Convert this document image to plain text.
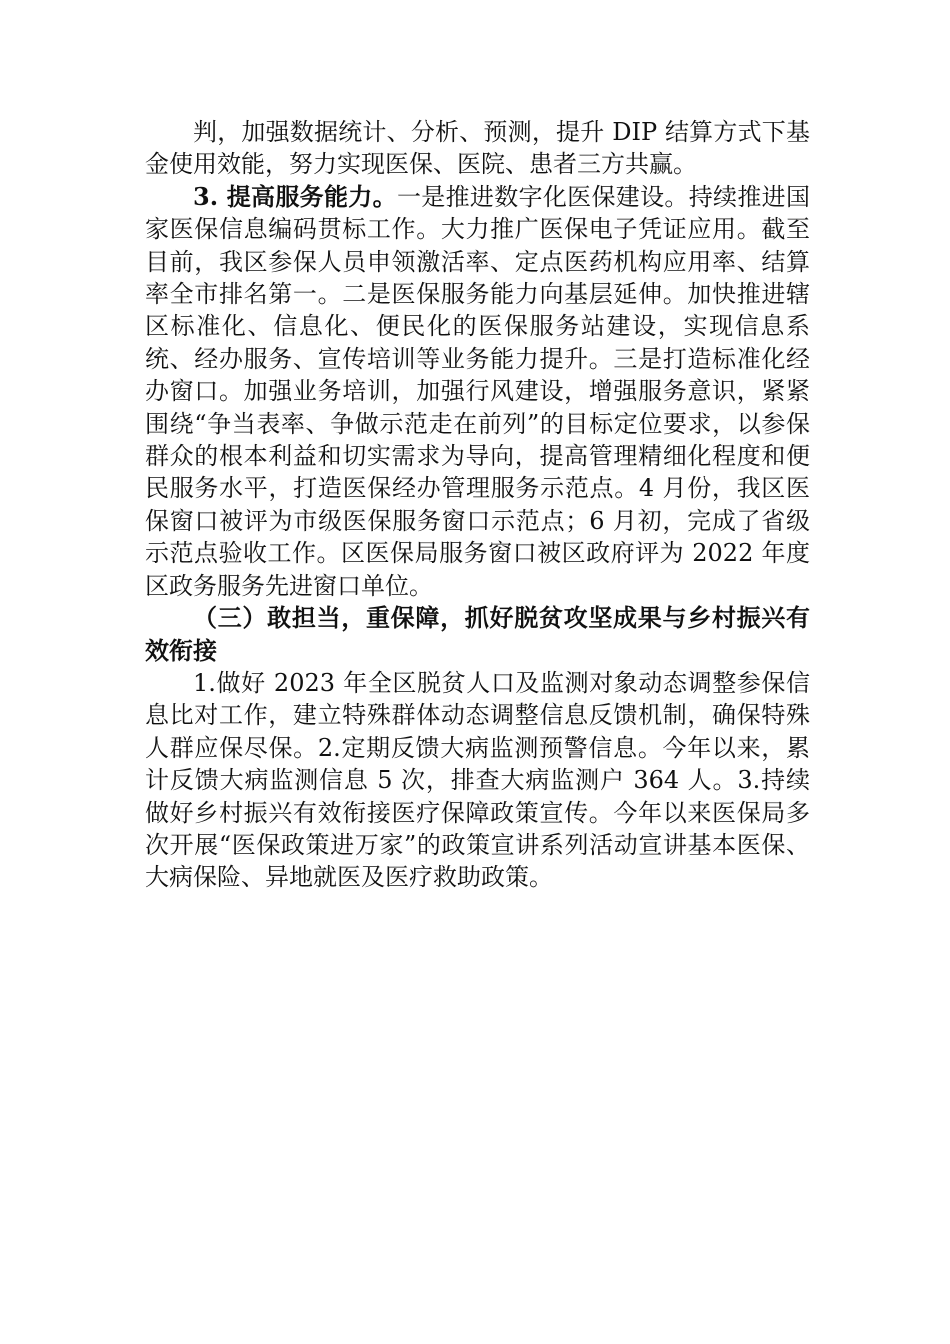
判，加强数据统计、分析、预测，提升 DIP 结算方式下基金使用效能，努力实现医保、医院、患者三方共赢。

3. 提高服务能力。一是推进数字化医保建设。持续推进国家医保信息编码贯标工作。大力推广医保电子凭证应用。截至目前，我区参保人员申领激活率、定点医药机构应用率、结算率全市排名第一。二是医保服务能力向基层延伸。加快推进辖区标准化、信息化、便民化的医保服务站建设，实现信息系统、经办服务、宣传培训等业务能力提升。三是打造标准化经办窗口。加强业务培训，加强行风建设，增强服务意识，紧紧围绕“争当表率、争做示范走在前列”的目标定位要求，以参保群众的根本利益和切实需求为导向，提高管理精细化程度和便民服务水平，打造医保经办管理服务示范点。4 月份，我区医保窗口被评为市级医保服务窗口示范点；6 月初，完成了省级示范点验收工作。区医保局服务窗口被区政府评为 2022 年度区政务服务先进窗口单位。

（三）敢担当，重保障，抓好脱贫攻坚成果与乡村振兴有效衔接

1.做好 2023 年全区脱贫人口及监测对象动态调整参保信息比对工作，建立特殊群体动态调整信息反馈机制，确保特殊人群应保尽保。2.定期反馈大病监测预警信息。今年以来，累计反馈大病监测信息 5 次，排查大病监测户 364 人。3.持续做好乡村振兴有效衔接医疗保障政策宣传。今年以来医保局多次开展“医保政策进万家”的政策宣讲系列活动宣讲基本医保、大病保险、异地就医及医疗救助政策。
